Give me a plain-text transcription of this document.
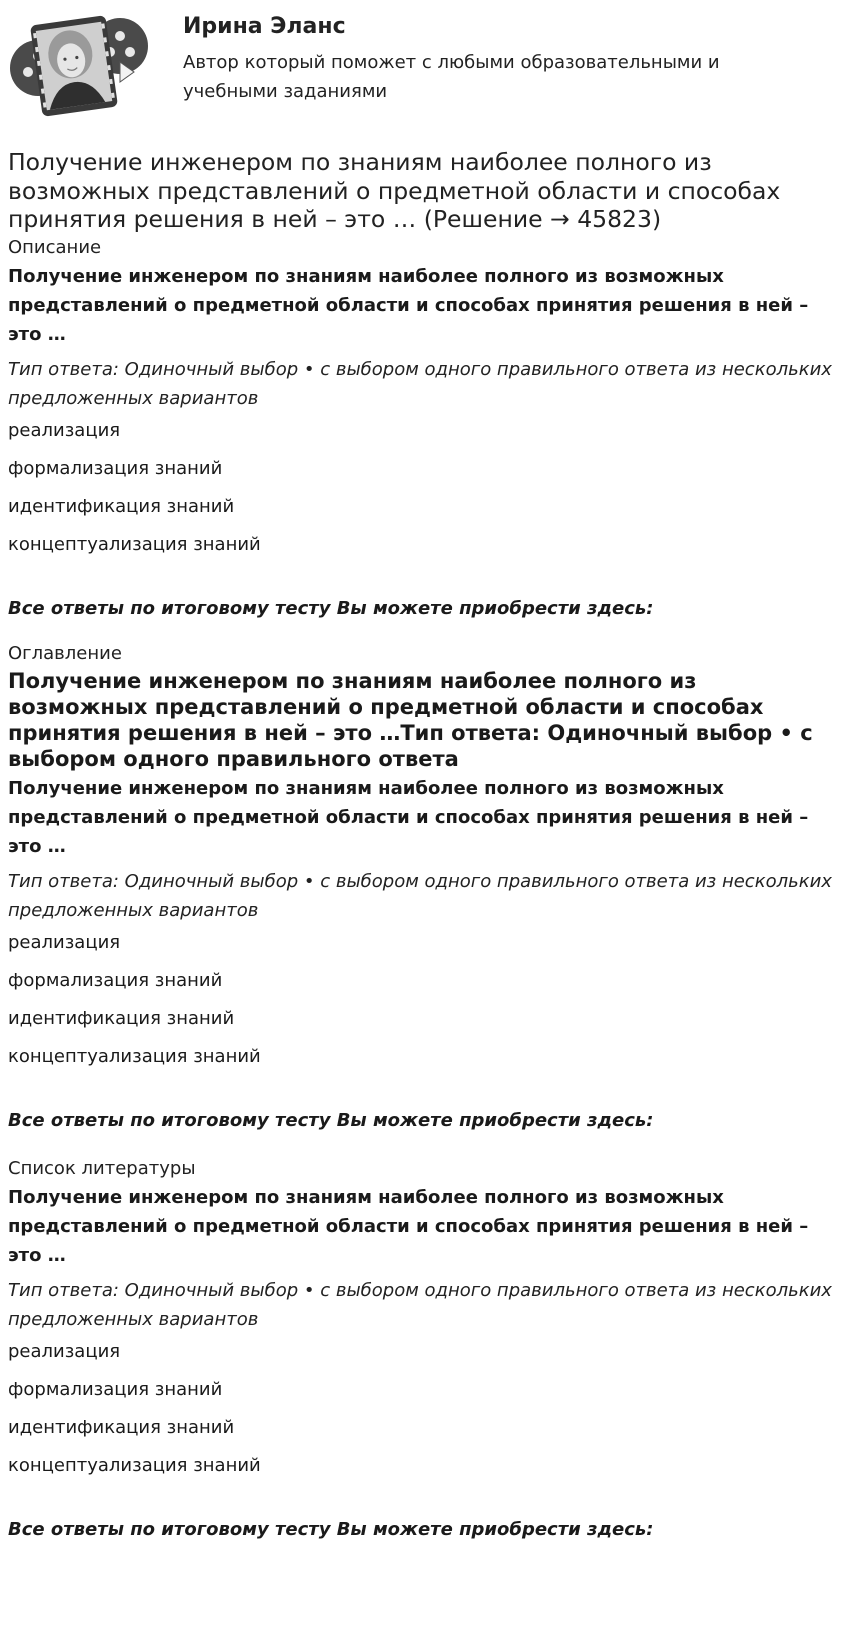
Ирина Эланс
Автор который поможет с любыми образовательными и учебными заданиями
Получение инженером по знаниям наиболее полного из возможных представлений о предметной области и способах принятия решения в ней – это … (Решение → 45823)

Описание

Получение инженером по знаниям наиболее полного из возможных представлений о предметной области и способах принятия решения в ней – это …

Тип ответа: Одиночный выбор • с выбором одного правильного ответа из нескольких предложенных вариантов

реализация
формализация знаний
идентификация знаний
концептуализация знаний

Все ответы по итоговому тесту Вы можете приобрести здесь:

Оглавление

Получение инженером по знаниям наиболее полного из возможных представлений о предметной области и способах принятия решения в ней – это …Тип ответа: Одиночный выбор • с выбором одного правильного ответа

Получение инженером по знаниям наиболее полного из возможных представлений о предметной области и способах принятия решения в ней – это …

Тип ответа: Одиночный выбор • с выбором одного правильного ответа из нескольких предложенных вариантов

реализация
формализация знаний
идентификация знаний
концептуализация знаний

Все ответы по итоговому тесту Вы можете приобрести здесь:

Список литературы

Получение инженером по знаниям наиболее полного из возможных представлений о предметной области и способах принятия решения в ней – это …

Тип ответа: Одиночный выбор • с выбором одного правильного ответа из нескольких предложенных вариантов

реализация
формализация знаний
идентификация знаний
концептуализация знаний

Все ответы по итоговому тесту Вы можете приобрести здесь:
